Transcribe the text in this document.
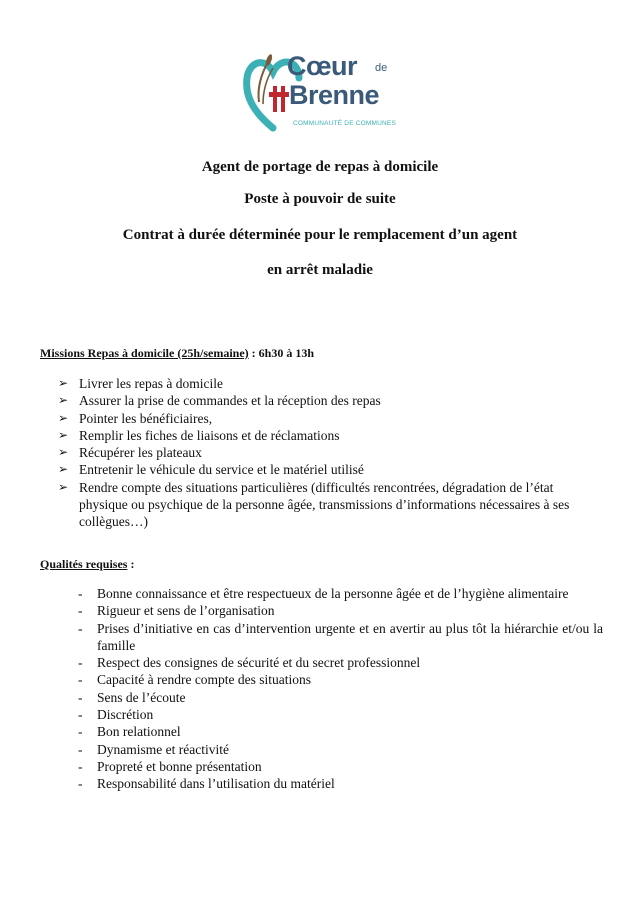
Cœur de
Brenne
COMMUNAUTÉ DE COMMUNES
Agent de portage de repas à domicile
Poste à pouvoir de suite
Contrat à durée déterminée pour le remplacement d’un agent
en arrêt maladie
Missions Repas à domicile (25h/semaine) : 6h30 à 13h
➢ Livrer les repas à domicile
➢ Assurer la prise de commandes et la réception des repas
➢ Pointer les bénéficiaires,
➢ Remplir les fiches de liaisons et de réclamations
➢ Récupérer les plateaux
➢ Entretenir le véhicule du service et le matériel utilisé
➢ Rendre compte des situations particulières (difficultés rencontrées, dégradation de l’état physique ou psychique de la personne âgée, transmissions d’informations nécessaires à ses collègues…)
Qualités requises :
- Bonne connaissance et être respectueux de la personne âgée et de l’hygiène alimentaire
- Rigueur et sens de l’organisation
- Prises d’initiative en cas d’intervention urgente et en avertir au plus tôt la hiérarchie et/ou la famille
- Respect des consignes de sécurité et du secret professionnel
- Capacité à rendre compte des situations
- Sens de l’écoute
- Discrétion
- Bon relationnel
- Dynamisme et réactivité
- Propreté et bonne présentation
- Responsabilité dans l’utilisation du matériel
